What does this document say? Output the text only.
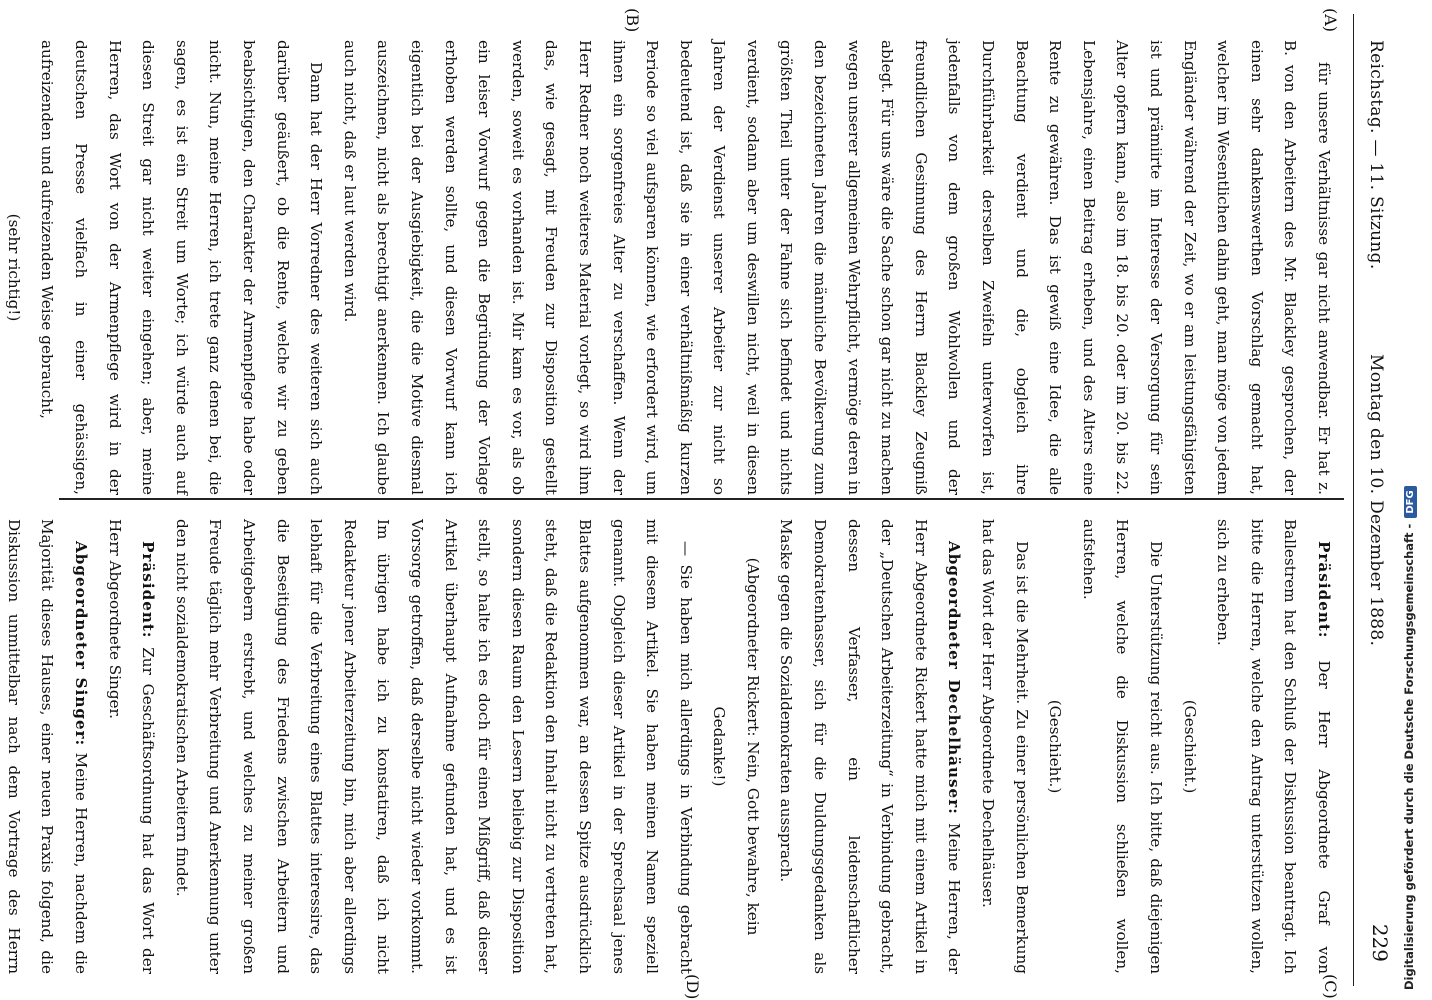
Reichstag. — 11. Sitzung.
Montag den 10. Dezember 1888.
229
(A)
(B)
(C)
(D)

für unsere Verhältnisse gar nicht anwendbar. Er hat z. B. von den Arbeitern des Mr. Blackley gesprochen, der einen sehr dankenswerthen Vorschlag gemacht hat, welcher im Wesentlichen dahin geht, man möge von jedem Engländer während der Zeit, wo er am leistungsfähigsten ist und prämiirte im Interesse der Versorgung für sein Alter opfern kann, also im 18. bis 20. oder im 20. bis 22. Lebensjahre, einen Beitrag erheben, und des Alters eine Rente zu gewähren. Das ist gewiß eine Idee, die alle Beachtung verdient und die, obgleich ihre Durchführbarkeit derselben Zweifeln unterworfen ist, jedenfalls von dem großen Wohlwollen und der freundlichen Gesinnung des Herrn Blackley Zeugniß ablegt. Für uns wäre die Sache schon gar nicht zu machen wegen unserer allgemeinen Wehrpflicht, vermöge deren in den bezeichneten Jahren die männliche Bevölkerung zum größten Theil unter der Fahne sich befindet und nichts verdient, sodann aber um deswillen nicht, weil in diesen Jahren der Verdienst unserer Arbeiter zur nicht so bedeutend ist, daß sie in einer verhältnißmäßig kurzen Periode so viel aufsparen können, wie erfordert wird, um ihnen ein sorgenfreies Alter zu verschaffen. Wenn der Herr Redner noch weiteres Material vorlegt, so wird ihm das, wie gesagt, mit Freuden zur Disposition gestellt werden, soweit es vorhanden ist. Mir kam es vor, als ob ein leiser Vorwurf gegen die Begründung der Vorlage erhoben werden sollte, und diesen Vorwurf kann ich eigentlich bei der Ausgiebigkeit, die die Motive diesmal auszeichnen, nicht als berechtigt anerkennen. Ich glaube auch nicht, daß er laut werden wird.

Dann hat der Herr Vorredner des weiteren sich auch darüber geäußert, ob die Rente, welche wir zu geben beabsichtigen, den Charakter der Armenpflege habe oder nicht. Nun, meine Herren, ich trete ganz denen bei, die sagen, es ist ein Streit um Worte; ich würde auch auf diesen Streit gar nicht weiter eingehen; aber, meine Herren, das Wort von der Armenpflege wird in der deutschen Presse vielfach in einer gehässigen, aufreizenden und aufreizenden Weise gebraucht,

(sehr richtig!)

Präsident: Der Herr Abgeordnete Graf von Ballestrem hat den Schluß der Diskussion beantragt. Ich bitte die Herren, welche den Antrag unterstützen wollen, sich zu erheben.

(Geschieht.)

Die Unterstützung reicht aus. Ich bitte, daß diejenigen Herren, welche die Diskussion schließen wollen, aufstehen.

(Geschieht.)

Das ist die Mehrheit. Zu einer persönlichen Bemerkung hat das Wort der Herr Abgeordnete Dechelhäuser.

Abgeordneter Dechelhäuser: Meine Herren, der Herr Abgeordnete Rickert hatte mich mit einem Artikel in der „Deutschen Arbeiterzeitung“ in Verbindung gebracht, dessen Verfasser, ein leidenschaftlicher Demokratenhasser, sich für die Duldungsgedanken als Maske gegen die Sozialdemokraten aussprach.

(Abgeordneter Rickert: Nein, Gott bewahre, kein Gedanke!)

— Sie haben mich allerdings in Verbindung gebracht mit diesem Artikel. Sie haben meinen Namen speziell genannt. Obgleich dieser Artikel in der Sprechsaal jenes Blattes aufgenommen war, an dessen Spitze ausdrücklich steht, daß die Redaktion den Inhalt nicht zu vertreten hat, sondern diesen Raum den Lesern beliebig zur Disposition stellt, so halte ich es doch für einen Mißgriff, daß dieser Artikel überhaupt Aufnahme gefunden hat, und es ist Vorsorge getroffen, daß derselbe nicht wieder vorkommt. Im übrigen habe ich zu konstatiren, daß ich nicht Redakteur jener Arbeiterzeitung bin, mich aber allerdings lebhaft für die Verbreitung eines Blattes interessire, das die Beseitigung des Friedens zwischen Arbeitern und Arbeitgebern erstrebt, und welches zu meiner großen Freude täglich mehr Verbreitung und Anerkennung unter den nicht sozialdemokratischen Arbeitern findet.

Präsident: Zur Geschäftsordnung hat das Wort der Herr Abgeordnete Singer.

Abgeordneter Singer: Meine Herren, nachdem die Majorität dieses Hauses, einer neuen Praxis folgend, die Diskussion unmittelbar nach dem Vortrage des Herrn	Digitalisierung gefördert durch die Deutsche Forschungsgemeinschaft -DFG
